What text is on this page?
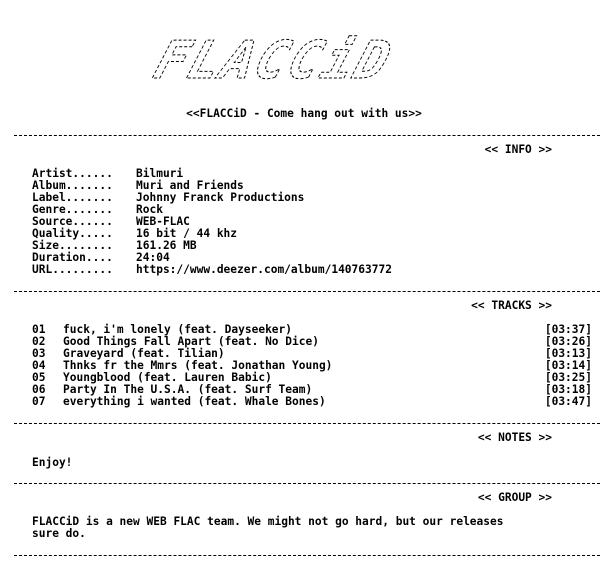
FLACCiD
<<FLACCiD - Come hang out with us>>
<< INFO >>
Artist...... Bilmuri
Album....... Muri and Friends
Label....... Johnny Franck Productions
Genre....... Rock
Source...... WEB-FLAC
Quality..... 16 bit / 44 khz
Size........ 161.26 MB
Duration.... 24:04
URL......... https://www.deezer.com/album/140763772
<< TRACKS >>
01 fuck, i'm lonely (feat. Dayseeker)	[03:37]
02 Good Things Fall Apart (feat. No Dice)	[03:26]
03 Graveyard (feat. Tilian)	[03:13]
04 Thnks fr the Mmrs (feat. Jonathan Young)	[03:14]
05 Youngblood (feat. Lauren Babic)	[03:25]
06 Party In The U.S.A. (feat. Surf Team)	[03:18]
07 everything i wanted (feat. Whale Bones)	[03:47]
<< NOTES >>
Enjoy!
<< GROUP >>
FLACCiD is a new WEB FLAC team. We might not go hard, but our releases
sure do.
